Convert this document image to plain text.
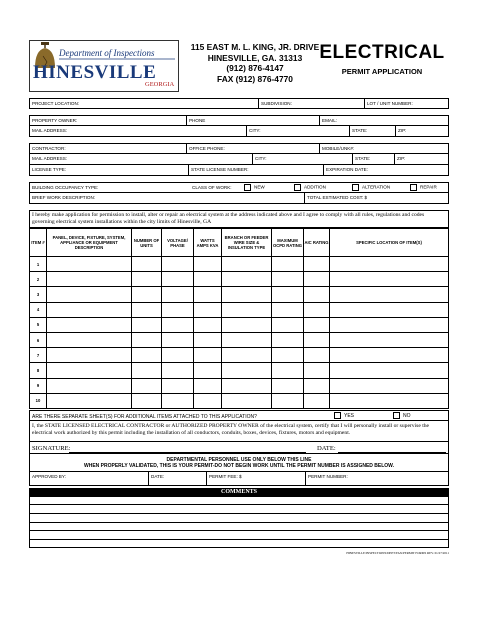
Department of Inspections
HINESVILLE
GEORGIA
115 EAST M. L. KING, JR. DRIVE
HINESVILLE, GA. 31313
(912) 876-4147
FAX (912) 876-4770
ELECTRICAL
PERMIT APPLICATION
PROJECT LOCATION:	SUBDIVISION:	LOT / UNIT NUMBER:
PROPERTY OWNER:	PHONE	EMAIL:
MAIL ADDRESS:	CITY:	STATE:	ZIP:
CONTRACTOR:	OFFICE PHONE:	MOBILE/UNK#:
MAIL ADDRESS:	CITY:	STATE:	ZIP:
LICENSE TYPE:	STATE LICENSE NUMBER:	EXPIRATION DATE:
BUILDING OCCUPANCY TYPE:	CLASS OF WORK:	NEW	ADDITION	ALTERATION	REPAIR
BRIEF WORK DESCRIPTION:	TOTAL ESTIMATED COST: $
I hereby make application for permission to install, alter or repair an electrical system at the address indicated above and I agree to comply with all rules, regulations and codes governing electrical system installations within the city limits of Hinesville, GA
ITEM #	PANEL, DEVICE, FIXTURE, SYSTEM, APPLIANCE OR EQUIPMENT DESCRIPTION	NUMBER OF UNITS	VOLTAGE/ PHASE	WATTS AMPS KVA	BRANCH OR FEEDER WIRE SIZE & INSULATION TYPE	MAXIMUM OCPD RATING	AIC RATING	SPECIFIC LOCATION OF ITEM(S)
1								
2								
3								
4								
5								
6								
7								
8								
9								
10								
ARE THERE SEPARATE SHEET(S) FOR ADDITIONAL ITEMS ATTACHED TO THIS APPLICATION?	YES	NO
I, the STATE LICENSED ELECTRICAL CONTRACTOR or AUTHORIZED PROPERTY OWNER of the electrical system, certify that I will personally install or supervise the electrical work authorized by this permit including the installation of all conductors, conduits, boxes, devices, fixtures, motors and equipment.
SIGNATURE:	DATE:
DEPARTMENTAL PERSONNEL USE ONLY BELOW THIS LINE
WHEN PROPERLY VALIDATED, THIS IS YOUR PERMIT-DO NOT BEGIN WORK UNTIL THE PERMIT NUMBER IS ASSIGNED BELOW.
APPROVED BY:	DATE:	PERMIT FEE: $	PERMIT NUMBER:
COMMENTS
HINESVILLE/INSPECTIONS/DEPT/FAX/PERMIT FORMS REV. 01/27/2011
